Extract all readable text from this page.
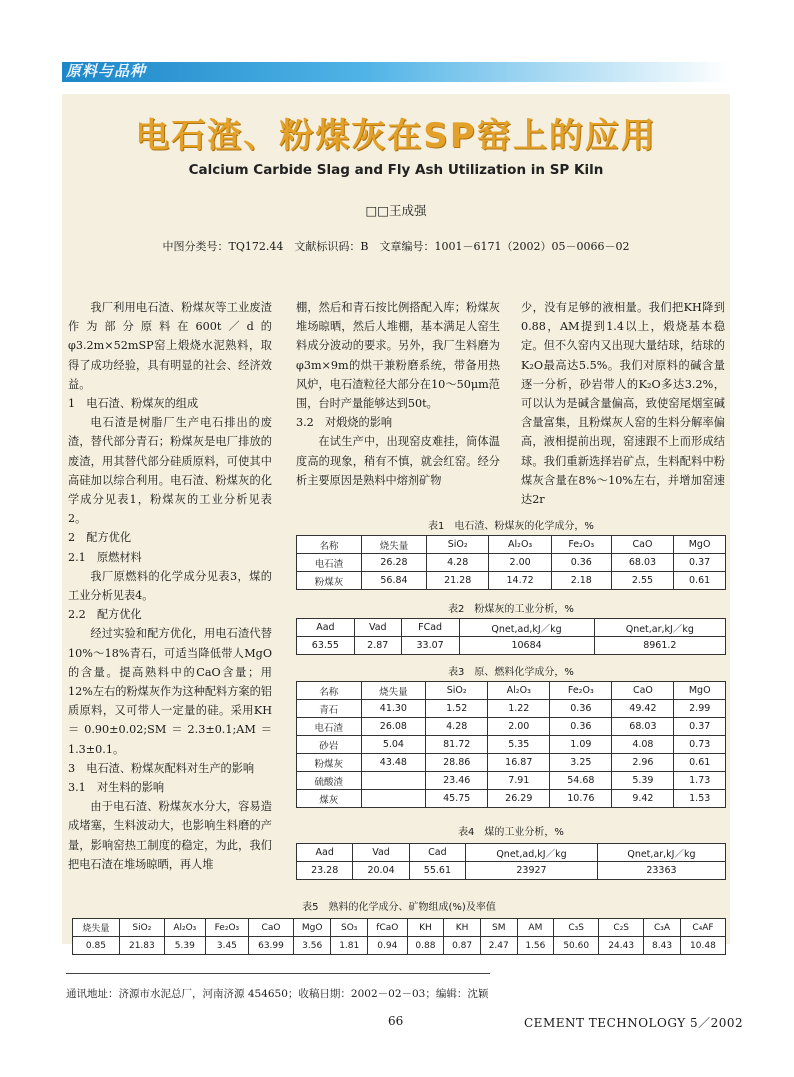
原料与品种
电石渣、粉煤灰在SP窑上的应用
Calcium Carbide Slag and Fly Ash Utilization in SP Kiln
□□王成强
中图分类号：TQ172.44　文献标识码：B　文章编号：1001－6171（2002）05－0066－02

我厂利用电石渣、粉煤灰等工业废渣作为部分原料在600t／d的φ3.2m×52mSP窑上煅烧水泥熟料，取得了成功经验，具有明显的社会、经济效益。

1　电石渣、粉煤灰的组成

电石渣是树脂厂生产电石排出的废渣，替代部分青石；粉煤灰是电厂排放的废渣，用其替代部分硅质原料，可使其中高硅加以综合利用。电石渣、粉煤灰的化学成分见表1，粉煤灰的工业分析见表2。

2　配方优化

2.1　原燃材料

我厂原燃料的化学成分见表3，煤的工业分析见表4。

2.2　配方优化

经过实验和配方优化，用电石渣代替10%～18%青石，可适当降低带人MgO的含量。提高熟料中的CaO含量；用12%左右的粉煤灰作为这种配料方案的铝质原料，又可带人一定量的硅。采用KH＝0.90±0.02;SM＝2.3±0.1;AM＝1.3±0.1。

3　电石渣、粉煤灰配料对生产的影响

3.1　对生料的影响

由于电石渣、粉煤灰水分大，容易造成堵塞，生料波动大，也影响生料磨的产量，影响窑热工制度的稳定，为此，我们把电石渣在堆场晾晒，再人堆

棚，然后和青石按比例搭配入库；粉煤灰堆场晾晒，然后人堆棚，基本满足人窑生料成分波动的要求。另外，我厂生料磨为φ3m×9m的烘干兼粉磨系统，带备用热风炉，电石渣粒径大部分在10～50μm范围，台时产量能够达到50t。

3.2　对煅烧的影响

在试生产中，出现窑皮难挂，筒体温度高的现象，稍有不慎，就会红窑。经分析主要原因是熟料中熔剂矿物

少，没有足够的液相量。我们把KH降到0.88，AM提到1.4以上，煅烧基本稳定。但不久窑内又出现大量结球，结球的K₂O最高达5.5%。我们对原料的碱含量逐一分析，砂岩带人的K₂O多达3.2%，可以认为是碱含量偏高，致使窑尾烟室碱含量富集，且粉煤灰人窑的生料分解率偏高，液相提前出现，窑速跟不上而形成结球。我们重新选择岩矿点，生料配料中粉煤灰含量在8%～10%左右，并增加窑速达2r

表1　电石渣、粉煤灰的化学成分，%
名称	烧失量	SiO₂	Al₂O₃	Fe₂O₃	CaO	MgO
电石渣	26.28	4.28	2.00	0.36	68.03	0.37
粉煤灰	56.84	21.28	14.72	2.18	2.55	0.61
表2　粉煤灰的工业分析，%
Aad	Vad	FCad	Qnet,ad,kJ／kg	Qnet,ar,kJ／kg
63.55	2.87	33.07	10684	8961.2
表3　原、燃料化学成分，%
名称	烧失量	SiO₂	Al₂O₃	Fe₂O₃	CaO	MgO
青石	41.30	1.52	1.22	0.36	49.42	2.99
电石渣	26.08	4.28	2.00	0.36	68.03	0.37
砂岩	5.04	81.72	5.35	1.09	4.08	0.73
粉煤灰	43.48	28.86	16.87	3.25	2.96	0.61
硫酸渣		23.46	7.91	54.68	5.39	1.73
煤灰		45.75	26.29	10.76	9.42	1.53
表4　煤的工业分析，%
Aad	Vad	Cad	Qnet,ad,kJ／kg	Qnet,ar,kJ／kg
23.28	20.04	55.61	23927	23363
表5　熟料的化学成分、矿物组成(%)及率值
烧失量	SiO₂	Al₂O₃	Fe₂O₃	CaO	MgO	SO₃	fCaO	KH	KH	SM	AM	C₃S	C₂S	C₃A	C₄AF
0.85	21.83	5.39	3.45	63.99	3.56	1.81	0.94	0.88	0.87	2.47	1.56	50.60	24.43	8.43	10.48
通讯地址：济源市水泥总厂，河南济源 454650；收稿日期：2002－02－03；编辑：沈颖
66	CEMENT TECHNOLOGY 5／2002
